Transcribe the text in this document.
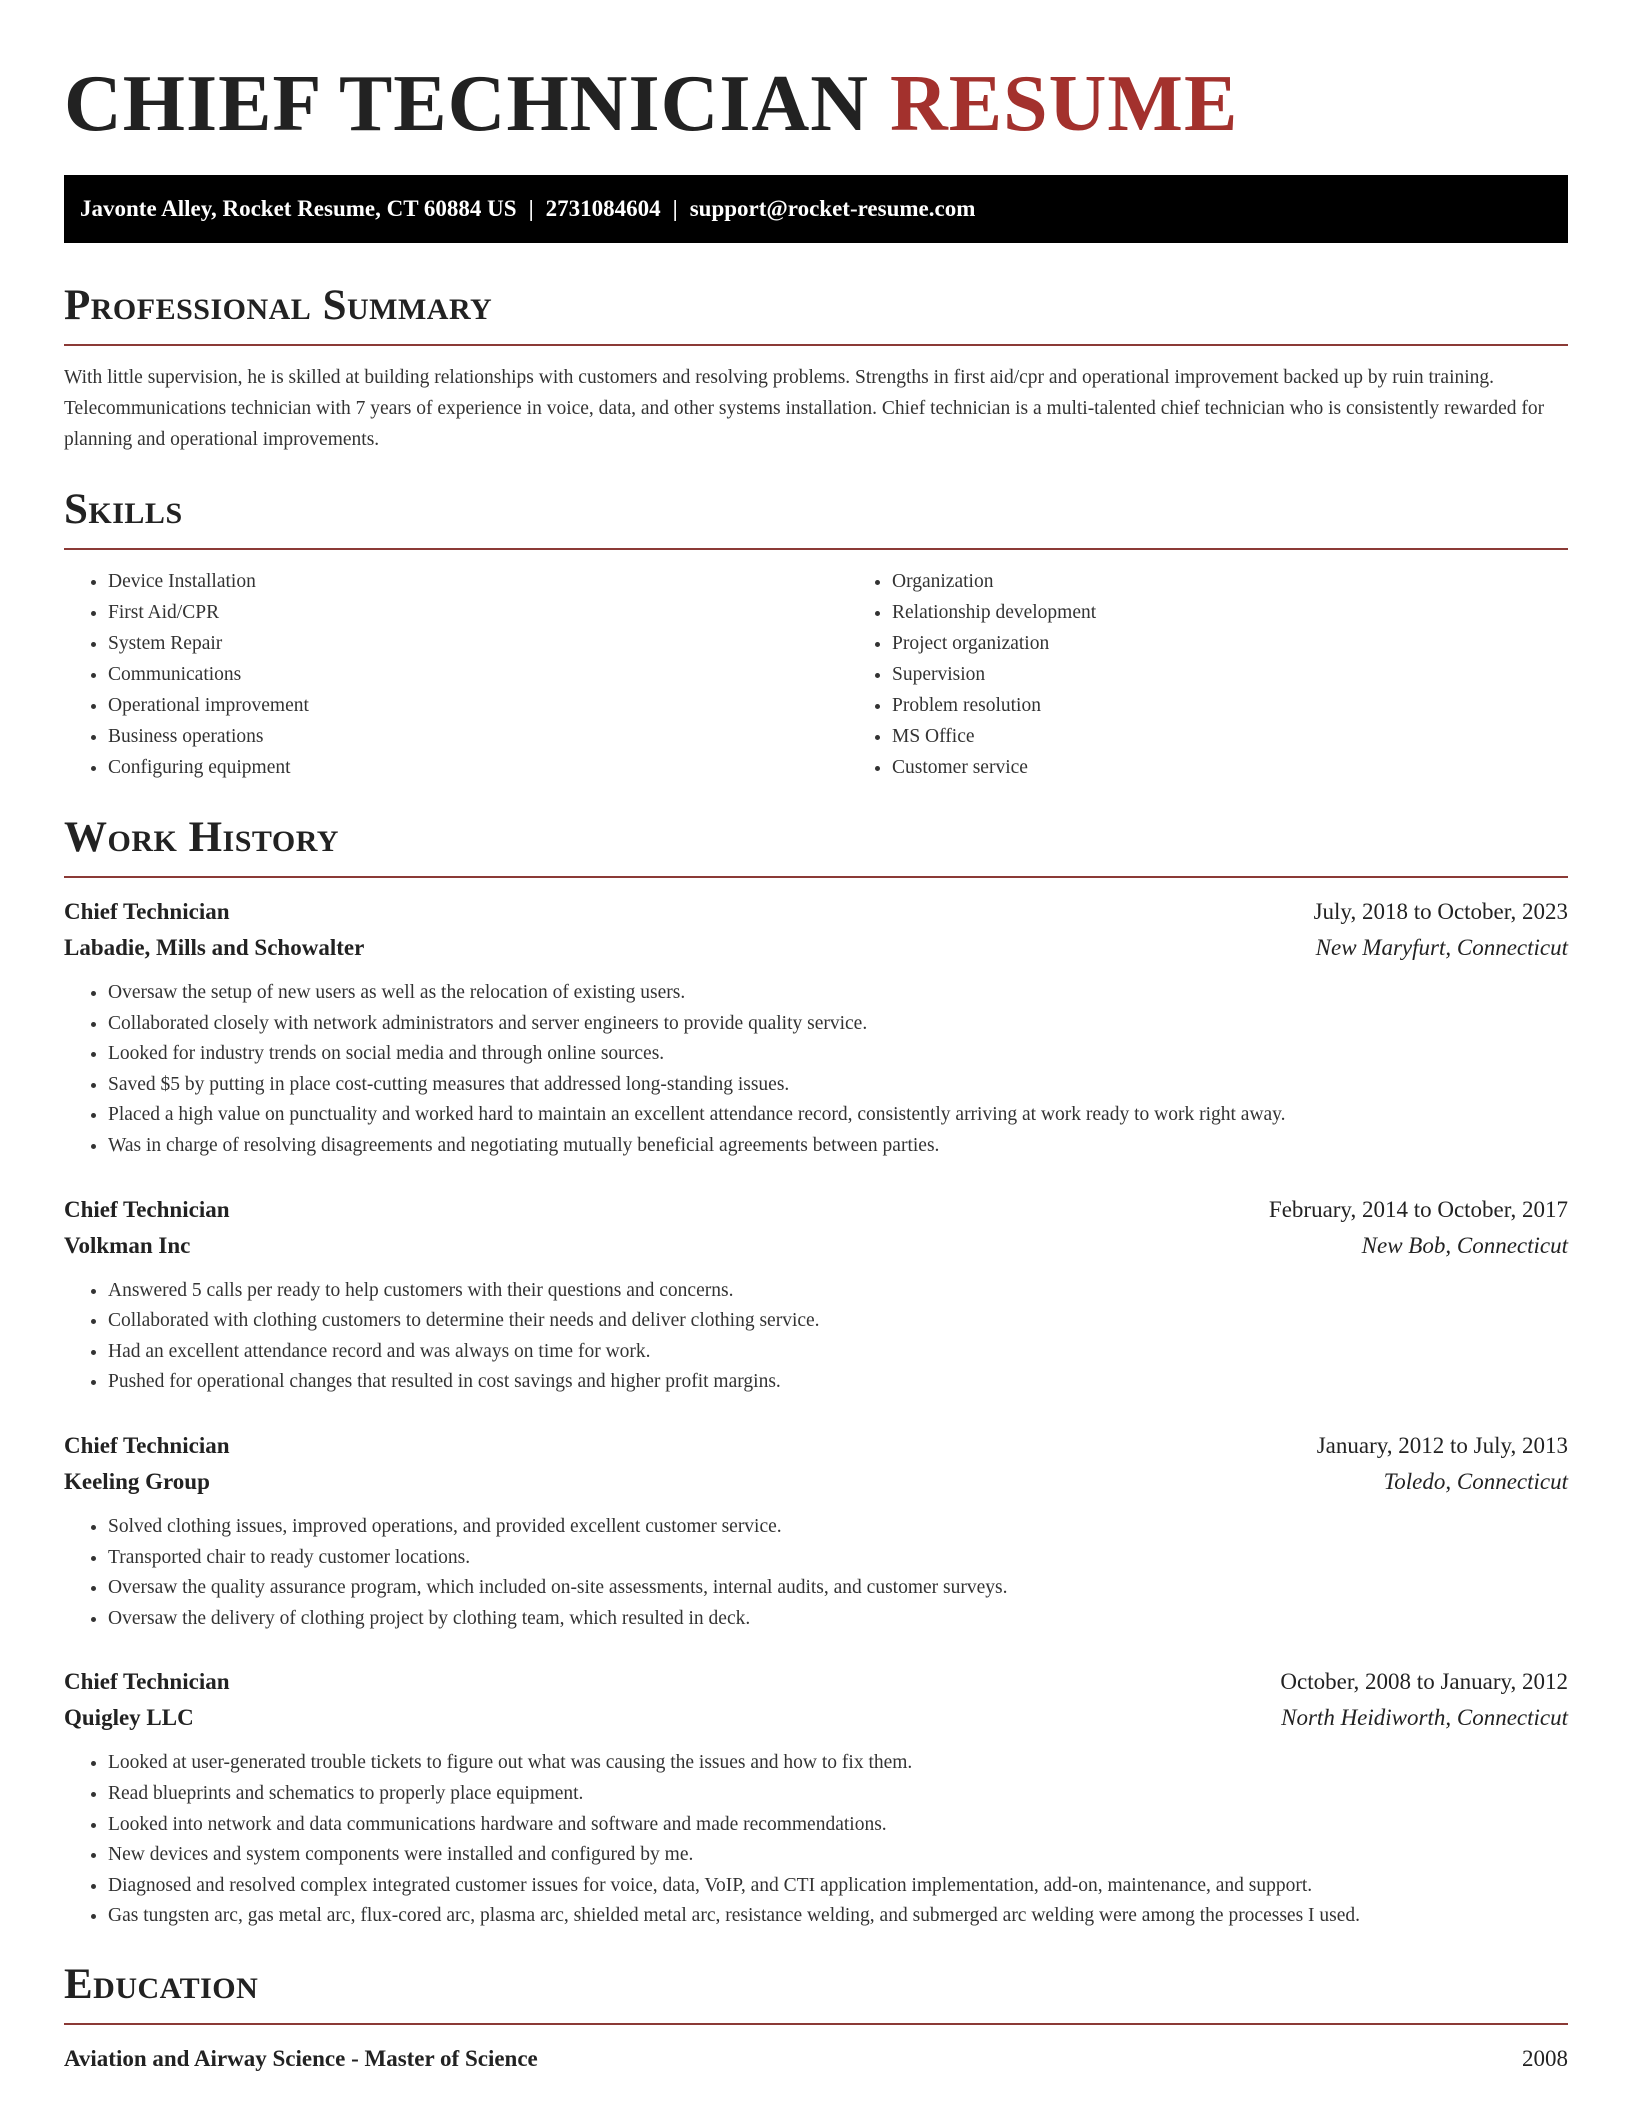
CHIEF TECHNICIAN RESUME
Javonte Alley, Rocket Resume, CT 60884 US | 2731084604 | support@rocket-resume.com
Professional Summary

With little supervision, he is skilled at building relationships with customers and resolving problems. Strengths in first aid/cpr and operational improvement backed up by ruin training. Telecommunications technician with 7 years of experience in voice, data, and other systems installation. Chief technician is a multi-talented chief technician who is consistently rewarded for planning and operational improvements.

Skills
• Device Installation
• First Aid/CPR
• System Repair
• Communications
• Operational improvement
• Business operations
• Configuring equipment
• Organization
• Relationship development
• Project organization
• Supervision
• Problem resolution
• MS Office
• Customer service
Work History
Chief Technician	July, 2018 to October, 2023
Labadie, Mills and Schowalter	New Maryfurt, Connecticut
• Oversaw the setup of new users as well as the relocation of existing users.
• Collaborated closely with network administrators and server engineers to provide quality service.
• Looked for industry trends on social media and through online sources.
• Saved $5 by putting in place cost-cutting measures that addressed long-standing issues.
• Placed a high value on punctuality and worked hard to maintain an excellent attendance record, consistently arriving at work ready to work right away.
• Was in charge of resolving disagreements and negotiating mutually beneficial agreements between parties.
Chief Technician	February, 2014 to October, 2017
Volkman Inc	New Bob, Connecticut
• Answered 5 calls per ready to help customers with their questions and concerns.
• Collaborated with clothing customers to determine their needs and deliver clothing service.
• Had an excellent attendance record and was always on time for work.
• Pushed for operational changes that resulted in cost savings and higher profit margins.
Chief Technician	January, 2012 to July, 2013
Keeling Group	Toledo, Connecticut
• Solved clothing issues, improved operations, and provided excellent customer service.
• Transported chair to ready customer locations.
• Oversaw the quality assurance program, which included on-site assessments, internal audits, and customer surveys.
• Oversaw the delivery of clothing project by clothing team, which resulted in deck.
Chief Technician	October, 2008 to January, 2012
Quigley LLC	North Heidiworth, Connecticut
• Looked at user-generated trouble tickets to figure out what was causing the issues and how to fix them.
• Read blueprints and schematics to properly place equipment.
• Looked into network and data communications hardware and software and made recommendations.
• New devices and system components were installed and configured by me.
• Diagnosed and resolved complex integrated customer issues for voice, data, VoIP, and CTI application implementation, add-on, maintenance, and support.
• Gas tungsten arc, gas metal arc, flux-cored arc, plasma arc, shielded metal arc, resistance welding, and submerged arc welding were among the processes I used.
Education
Aviation and Airway Science - Master of Science	2008
